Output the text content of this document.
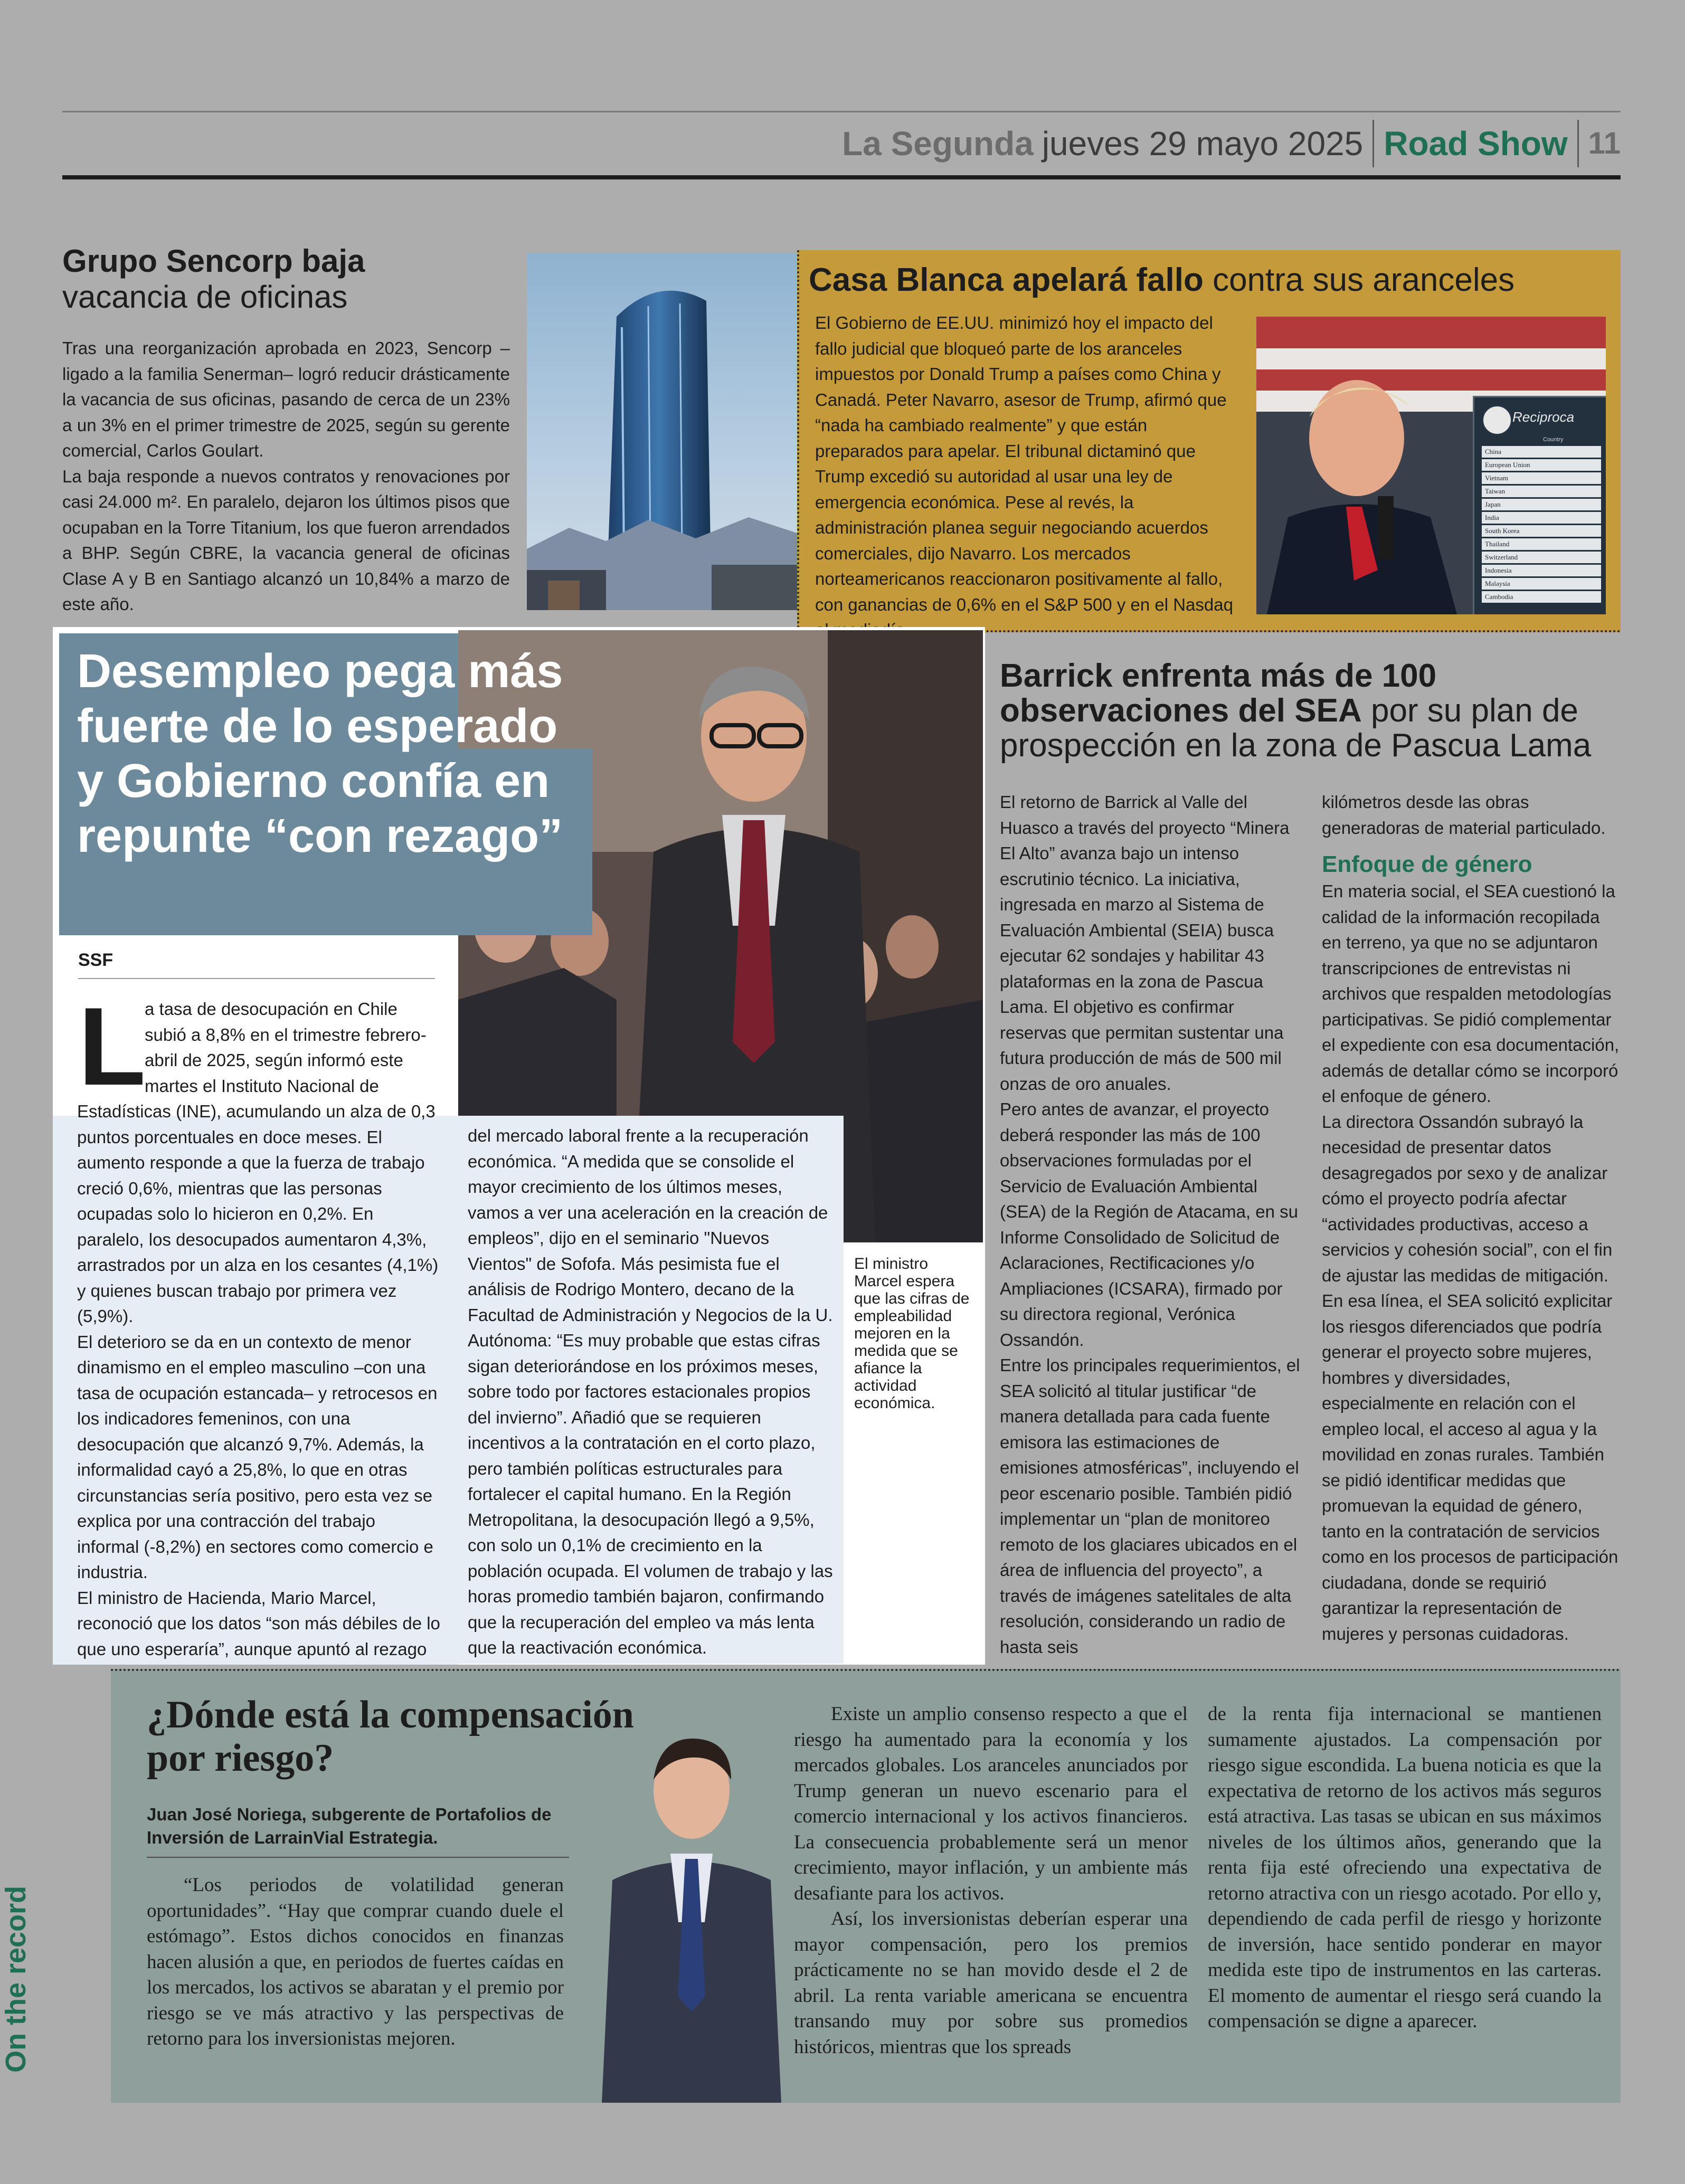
La Segunda jueves 29 mayo 2025 Road Show 11
Grupo Sencorp baja
vacancia de oficinas

Tras una reorganización aprobada en 2023, Sencorp –ligado a la familia Senerman– logró reducir drásticamente la vacancia de sus oficinas, pasando de cerca de un 23% a un 3% en el primer trimestre de 2025, según su gerente comercial, Carlos Goulart.

La baja responde a nuevos contratos y renovaciones por casi 24.000 m². En paralelo, dejaron los últimos pisos que ocupaban en la Torre Titanium, los que fueron arrendados a BHP. Según CBRE, la vacancia general de oficinas Clase A y B en Santiago alcanzó un 10,84% a marzo de este año.

Casa Blanca apelará fallo contra sus aranceles

El Gobierno de EE.UU. minimizó hoy el impacto del fallo judicial que bloqueó parte de los aranceles impuestos por Donald Trump a países como China y Canadá. Peter Navarro, asesor de Trump, afirmó que “nada ha cambiado realmente” y que están preparados para apelar. El tribunal dictaminó que Trump excedió su autoridad al usar una ley de emergencia económica. Pese al revés, la administración planea seguir negociando acuerdos comerciales, dijo Navarro. Los mercados norteamericanos reaccionaron positivamente al fallo, con ganancias de 0,6% en el S&P 500 y en el Nasdaq

Reciproca
Country
China
European Union
Vietnam
Taiwan
Japan
India
South Korea
Thailand
Switzerland
Indonesia
Malaysia
Cambodia
Desempleo pega más fuerte de lo esperado y Gobierno confía en repunte “con rezago”
SSF
L

a tasa de desocupación en Chile subió a 8,8% en el trimestre febrero-abril de 2025, según informó este martes el Instituto Nacional de

Estadísticas (INE), acumulando un alza de 0,3 puntos porcentuales en doce meses. El aumento responde a que la fuerza de trabajo creció 0,6%, mientras que las personas ocupadas solo lo hicieron en 0,2%. En paralelo, los desocupados aumentaron 4,3%, arrastrados por un alza en los cesantes (4,1%) y quienes buscan trabajo por primera vez (5,9%).

El deterioro se da en un contexto de menor dinamismo en el empleo masculino –con una tasa de ocupación estancada– y retrocesos en los indicadores femeninos, con una desocupación que alcanzó 9,7%. Además, la informalidad cayó a 25,8%, lo que en otras circunstancias sería positivo, pero esta vez se explica por una contracción del trabajo informal (-8,2%) en sectores como comercio e industria.

El ministro de Hacienda, Mario Marcel, reconoció que los datos “son más débiles de lo que uno esperaría”, aunque apuntó al rezago

del mercado laboral frente a la recuperación económica. “A medida que se consolide el mayor crecimiento de los últimos meses, vamos a ver una aceleración en la creación de empleos”, dijo en el seminario "Nuevos Vientos" de Sofofa. Más pesimista fue el análisis de Rodrigo Montero, decano de la Facultad de Administración y Negocios de la U. Autónoma: “Es muy probable que estas cifras sigan deteriorándose en los próximos meses, sobre todo por factores estacionales propios del invierno”. Añadió que se requieren incentivos a la contratación en el corto plazo, pero también políticas estructurales para fortalecer el capital humano. En la Región Metropolitana, la desocupación llegó a 9,5%, con solo un 0,1% de crecimiento en la población ocupada. El volumen de trabajo y las horas promedio también bajaron, confirmando que la recuperación del empleo va más lenta que la reactivación económica.

El ministro Marcel espera que las cifras de empleabilidad mejoren en la medida que se afiance la actividad económica.
Barrick enfrenta más de 100 observaciones del SEA por su plan de prospección en la zona de Pascua Lama

El retorno de Barrick al Valle del Huasco a través del proyecto “Minera El Alto” avanza bajo un intenso escrutinio técnico. La iniciativa, ingresada en marzo al Sistema de Evaluación Ambiental (SEIA) busca ejecutar 62 sondajes y habilitar 43 plataformas en la zona de Pascua Lama. El objetivo es confirmar reservas que permitan sustentar una futura producción de más de 500 mil onzas de oro anuales.

Pero antes de avanzar, el proyecto deberá responder las más de 100 observaciones formuladas por el Servicio de Evaluación Ambiental (SEA) de la Región de Atacama, en su Informe Consolidado de Solicitud de Aclaraciones, Rectificaciones y/o Ampliaciones (ICSARA), firmado por su directora regional, Verónica Ossandón.

Entre los principales requerimientos, el SEA solicitó al titular justificar “de manera detallada para cada fuente emisora las estimaciones de emisiones atmosféricas”, incluyendo el peor escenario posible. También pidió implementar un “plan de monitoreo remoto de los glaciares ubicados en el área de influencia del proyecto”, a través de imágenes satelitales de alta resolución, considerando un radio de hasta seis

kilómetros desde las obras generadoras de material particulado.

Enfoque de género

En materia social, el SEA cuestionó la calidad de la información recopilada en terreno, ya que no se adjuntaron transcripciones de entrevistas ni archivos que respalden metodologías participativas. Se pidió complementar el expediente con esa documentación, además de detallar cómo se incorporó el enfoque de género.

La directora Ossandón subrayó la necesidad de presentar datos desagregados por sexo y de analizar cómo el proyecto podría afectar “actividades productivas, acceso a servicios y cohesión social”, con el fin de ajustar las medidas de mitigación. En esa línea, el SEA solicitó explicitar los riesgos diferenciados que podría generar el proyecto sobre mujeres, hombres y diversidades, especialmente en relación con el empleo local, el acceso al agua y la movilidad en zonas rurales. También se pidió identificar medidas que promuevan la equidad de género, tanto en la contratación de servicios como en los procesos de participación ciudadana, donde se requirió garantizar la representación de mujeres y personas cuidadoras.

On the record
¿Dónde está la compensación por riesgo?
Juan José Noriega, subgerente de Portafolios de Inversión de LarrainVial Estrategia.

“Los periodos de volatilidad generan oportunidades”. “Hay que comprar cuando duele el estómago”. Estos dichos conocidos en finanzas hacen alusión a que, en periodos de fuertes caídas en los mercados, los activos se abaratan y el premio por riesgo se ve más atractivo y las perspectivas de retorno para los inversionistas mejoren.

Existe un amplio consenso respecto a que el riesgo ha aumentado para la economía y los mercados globales. Los aranceles anunciados por Trump generan un nuevo escenario para el comercio internacional y los activos financieros. La consecuencia probablemente será un menor crecimiento, mayor inflación, y un ambiente más desafiante para los activos.

Así, los inversionistas deberían esperar una mayor compensación, pero los premios prácticamente no se han movido desde el 2 de abril. La renta variable americana se encuentra transando muy por sobre sus promedios históricos, mientras que los spreads

de la renta fija internacional se mantienen sumamente ajustados. La compensación por riesgo sigue escondida. La buena noticia es que la expectativa de retorno de los activos más seguros está atractiva. Las tasas se ubican en sus máximos niveles de los últimos años, generando que la renta fija esté ofreciendo una expectativa de retorno atractiva con un riesgo acotado. Por ello y, dependiendo de cada perfil de riesgo y horizonte de inversión, hace sentido ponderar en mayor medida este tipo de instrumentos en las carteras. El momento de aumentar el riesgo será cuando la compensación se digne a aparecer.
